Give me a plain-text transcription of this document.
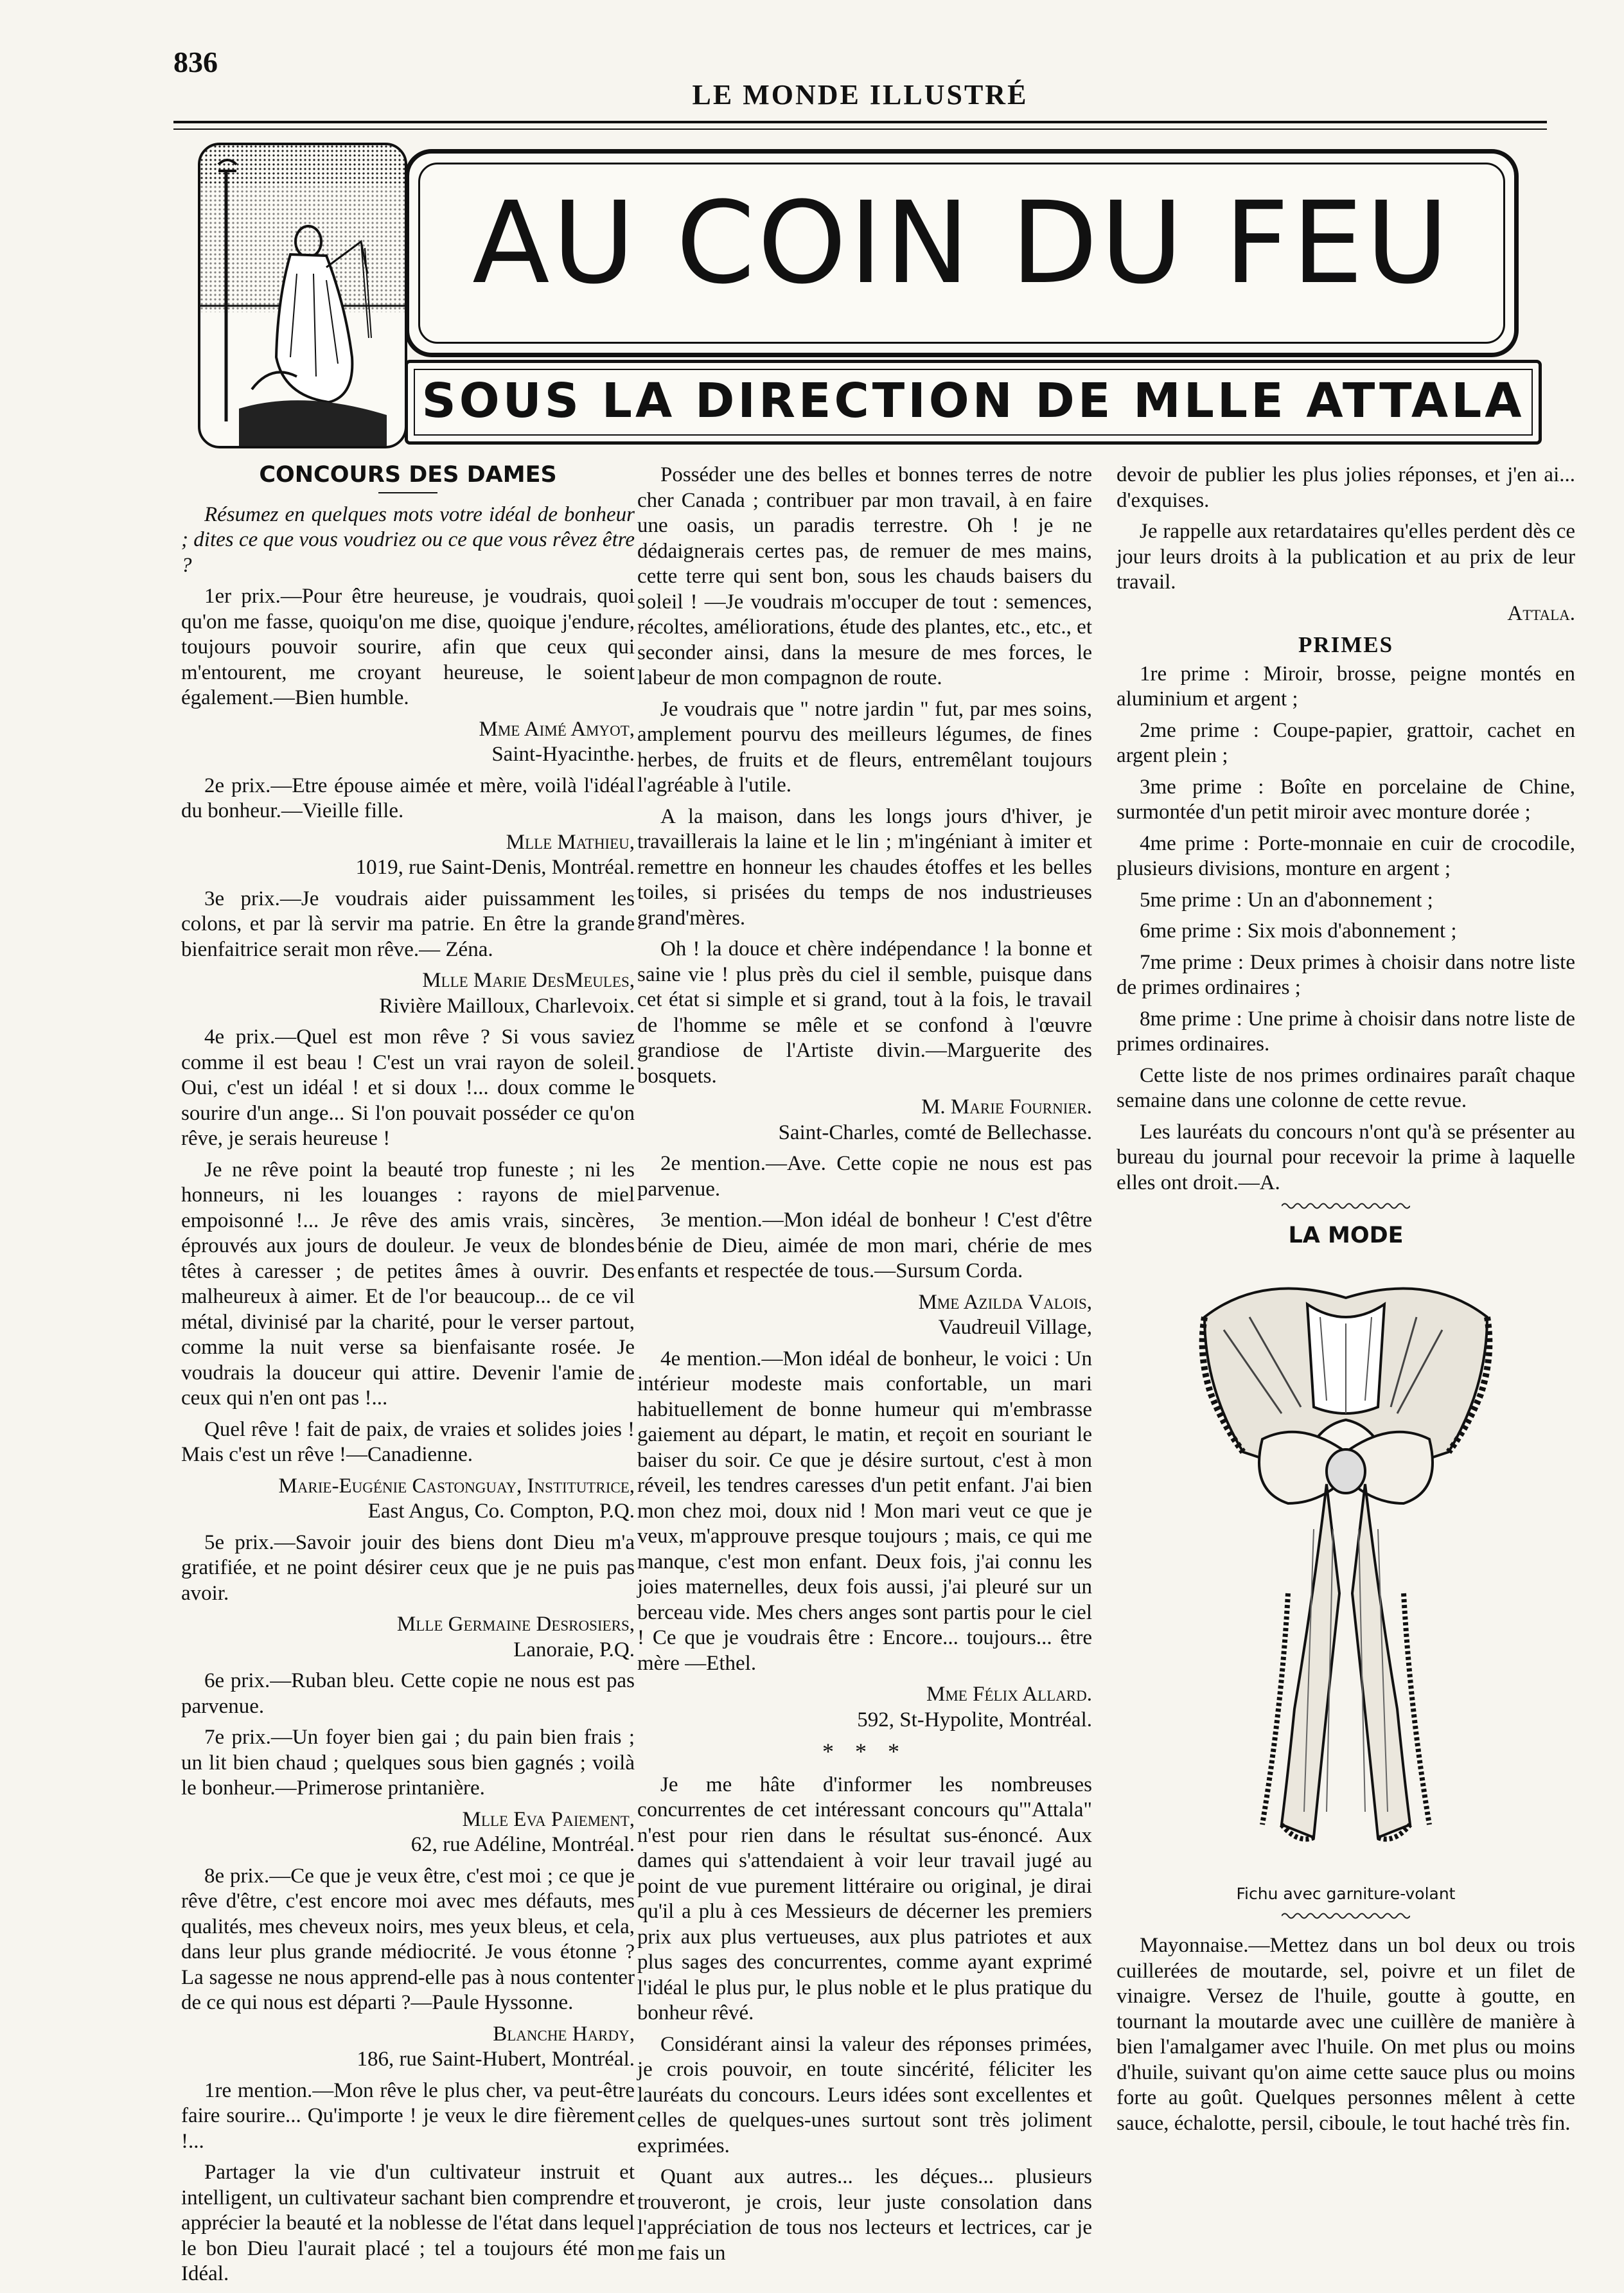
836
LE MONDE ILLUSTRÉ
AU COIN DU FEU
SOUS LA DIRECTION DE MLLE ATTALA
CONCOURS DES DAMES

Résumez en quelques mots votre idéal de bonheur ; dites ce que vous voudriez ou ce que vous rêvez être ?

1er prix.—Pour être heureuse, je voudrais, quoi qu'on me fasse, quoiqu'on me dise, quoique j'endure, toujours pouvoir sourire, afin que ceux qui m'entourent, me croyant heureuse, le soient également.—Bien humble.

Mme Aimé Amyot,
Saint-Hyacinthe.

2e prix.—Etre épouse aimée et mère, voilà l'idéal du bonheur.—Vieille fille.

Mlle Mathieu,
1019, rue Saint-Denis, Montréal.

3e prix.—Je voudrais aider puissamment les colons, et par là servir ma patrie. En être la grande bienfaitrice serait mon rêve.— Zéna.

Mlle Marie DesMeules,
Rivière Mailloux, Charlevoix.

4e prix.—Quel est mon rêve ? Si vous saviez comme il est beau ! C'est un vrai rayon de soleil. Oui, c'est un idéal ! et si doux !... doux comme le sourire d'un ange... Si l'on pouvait posséder ce qu'on rêve, je serais heureuse !

Je ne rêve point la beauté trop funeste ; ni les honneurs, ni les louanges : rayons de miel empoisonné !... Je rêve des amis vrais, sincères, éprouvés aux jours de douleur. Je veux de blondes têtes à caresser ; de petites âmes à ouvrir. Des malheureux à aimer. Et de l'or beaucoup... de ce vil métal, divinisé par la charité, pour le verser partout, comme la nuit verse sa bienfaisante rosée. Je voudrais la douceur qui attire. Devenir l'amie de ceux qui n'en ont pas !...

Quel rêve ! fait de paix, de vraies et solides joies ! Mais c'est un rêve !—Canadienne.

Marie-Eugénie Castonguay, Institutrice,
East Angus, Co. Compton, P.Q.

5e prix.—Savoir jouir des biens dont Dieu m'a gratifiée, et ne point désirer ceux que je ne puis pas avoir.

Mlle Germaine Desrosiers,
Lanoraie, P.Q.

6e prix.—Ruban bleu. Cette copie ne nous est pas parvenue.

7e prix.—Un foyer bien gai ; du pain bien frais ; un lit bien chaud ; quelques sous bien gagnés ; voilà le bonheur.—Primerose printanière.

Mlle Eva Paiement,
62, rue Adéline, Montréal.

8e prix.—Ce que je veux être, c'est moi ; ce que je rêve d'être, c'est encore moi avec mes défauts, mes qualités, mes cheveux noirs, mes yeux bleus, et cela, dans leur plus grande médiocrité. Je vous étonne ? La sagesse ne nous apprend-elle pas à nous contenter de ce qui nous est départi ?—Paule Hyssonne.

Blanche Hardy,
186, rue Saint-Hubert, Montréal.

1re mention.—Mon rêve le plus cher, va peut-être faire sourire... Qu'importe ! je veux le dire fièrement !...

Partager la vie d'un cultivateur instruit et intelligent, un cultivateur sachant bien comprendre et apprécier la beauté et la noblesse de l'état dans lequel le bon Dieu l'aurait placé ; tel a toujours été mon Idéal.

Posséder une des belles et bonnes terres de notre cher Canada ; contribuer par mon travail, à en faire une oasis, un paradis terrestre. Oh ! je ne dédaignerais certes pas, de remuer de mes mains, cette terre qui sent bon, sous les chauds baisers du soleil ! —Je voudrais m'occuper de tout : semences, récoltes, améliorations, étude des plantes, etc., etc., et seconder ainsi, dans la mesure de mes forces, le labeur de mon compagnon de route.

Je voudrais que " notre jardin " fut, par mes soins, amplement pourvu des meilleurs légumes, de fines herbes, de fruits et de fleurs, entremêlant toujours l'agréable à l'utile.

A la maison, dans les longs jours d'hiver, je travaillerais la laine et le lin ; m'ingéniant à imiter et remettre en honneur les chaudes étoffes et les belles toiles, si prisées du temps de nos industrieuses grand'mères.

Oh ! la douce et chère indépendance ! la bonne et saine vie ! plus près du ciel il semble, puisque dans cet état si simple et si grand, tout à la fois, le travail de l'homme se mêle et se confond à l'œuvre grandiose de l'Artiste divin.—Marguerite des bosquets.

M. Marie Fournier.
Saint-Charles, comté de Bellechasse.

2e mention.—Ave. Cette copie ne nous est pas parvenue.

3e mention.—Mon idéal de bonheur ! C'est d'être bénie de Dieu, aimée de mon mari, chérie de mes enfants et respectée de tous.—Sursum Corda.

Mme Azilda Valois,
Vaudreuil Village,

4e mention.—Mon idéal de bonheur, le voici : Un intérieur modeste mais confortable, un mari habituellement de bonne humeur qui m'embrasse gaiement au départ, le matin, et reçoit en souriant le baiser du soir. Ce que je désire surtout, c'est à mon réveil, les tendres caresses d'un petit enfant. J'ai bien mon chez moi, doux nid ! Mon mari veut ce que je veux, m'approuve presque toujours ; mais, ce qui me manque, c'est mon enfant. Deux fois, j'ai connu les joies maternelles, deux fois aussi, j'ai pleuré sur un berceau vide. Mes chers anges sont partis pour le ciel ! Ce que je voudrais être : Encore... toujours... être mère —Ethel.

Mme Félix Allard.
592, St-Hypolite, Montréal.
* * *

Je me hâte d'informer les nombreuses concurrentes de cet intéressant concours qu'"Attala" n'est pour rien dans le résultat sus-énoncé. Aux dames qui s'attendaient à voir leur travail jugé au point de vue purement littéraire ou original, je dirai qu'il a plu à ces Messieurs de décerner les premiers prix aux plus vertueuses, aux plus patriotes et aux plus sages des concurrentes, comme ayant exprimé l'idéal le plus pur, le plus noble et le plus pratique du bonheur rêvé.

Considérant ainsi la valeur des réponses primées, je crois pouvoir, en toute sincérité, féliciter les lauréats du concours. Leurs idées sont excellentes et celles de quelques-unes surtout sont très joliment exprimées.

Quant aux autres... les déçues... plusieurs trouveront, je crois, leur juste consolation dans l'appréciation de tous nos lecteurs et lectrices, car je me fais un

devoir de publier les plus jolies réponses, et j'en ai... d'exquises.

Je rappelle aux retardataires qu'elles perdent dès ce jour leurs droits à la publication et au prix de leur travail.

Attala.
PRIMES

1re prime : Miroir, brosse, peigne montés en aluminium et argent ;

2me prime : Coupe-papier, grattoir, cachet en argent plein ;

3me prime : Boîte en porcelaine de Chine, surmontée d'un petit miroir avec monture dorée ;

4me prime : Porte-monnaie en cuir de crocodile, plusieurs divisions, monture en argent ;

5me prime : Un an d'abonnement ;

6me prime : Six mois d'abonnement ;

7me prime : Deux primes à choisir dans notre liste de primes ordinaires ;

8me prime : Une prime à choisir dans notre liste de primes ordinaires.

Cette liste de nos primes ordinaires paraît chaque semaine dans une colonne de cette revue.

Les lauréats du concours n'ont qu'à se présenter au bureau du journal pour recevoir la prime à laquelle elles ont droit.—A.

LA MODE
Fichu avec garniture-volant

Mayonnaise.—Mettez dans un bol deux ou trois cuillerées de moutarde, sel, poivre et un filet de vinaigre. Versez de l'huile, goutte à goutte, en tournant la moutarde avec une cuillère de manière à bien l'amalgamer avec l'huile. On met plus ou moins d'huile, suivant qu'on aime cette sauce plus ou moins forte au goût. Quelques personnes mêlent à cette sauce, échalotte, persil, ciboule, le tout haché très fin.
